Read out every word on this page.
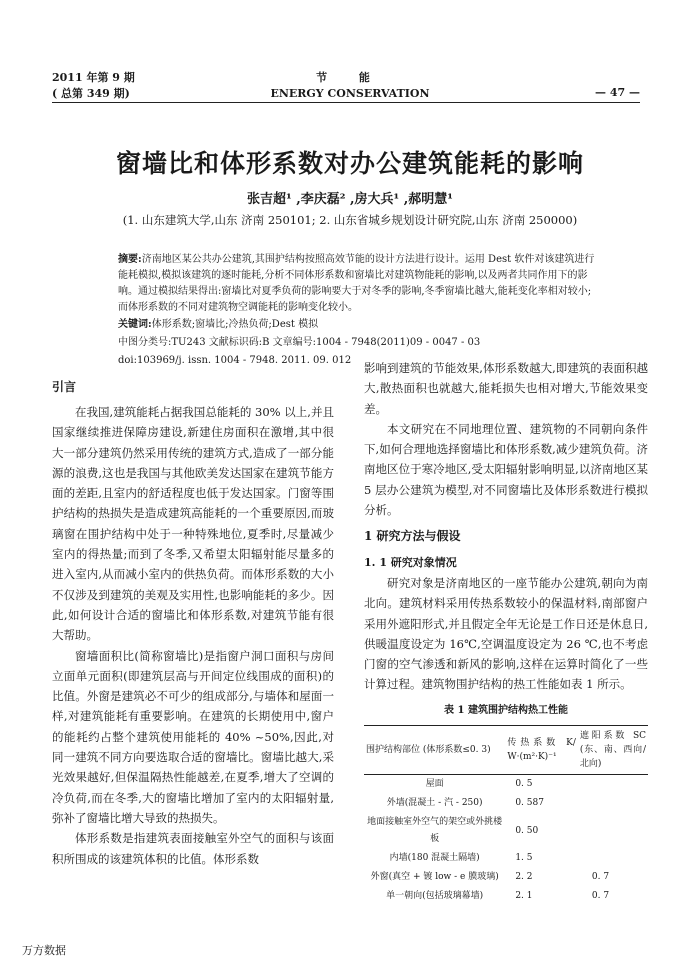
2011 年第 9 期
( 总第 349 期)
节 能
ENERGY CONSERVATION	— 47 —
窗墙比和体形系数对办公建筑能耗的影响
张吉超¹ ,李庆磊² ,房大兵¹ ,郝明慧¹
(1. 山东建筑大学,山东 济南 250101; 2. 山东省城乡规划设计研究院,山东 济南 250000)
摘要:济南地区某公共办公建筑,其围护结构按照高效节能的设计方法进行设计。运用 Dest 软件对该建筑进行能耗模拟,模拟该建筑的逐时能耗,分析不同体形系数和窗墙比对建筑物能耗的影响,以及两者共同作用下的影响。通过模拟结果得出:窗墙比对夏季负荷的影响要大于对冬季的影响,冬季窗墙比越大,能耗变化率相对较小;而体形系数的不同对建筑物空调能耗的影响变化较小。
关键词:体形系数;窗墙比;冷热负荷;Dest 模拟
中图分类号:TU243 文献标识码:B 文章编号:1004 - 7948(2011)09 - 0047 - 03
doi:103969/j. issn. 1004 - 7948. 2011. 09. 012
引言

在我国,建筑能耗占据我国总能耗的 30% 以上,并且国家继续推进保障房建设,新建住房面积在激增,其中很大一部分建筑仍然采用传统的建筑方式,造成了一部分能源的浪费,这也是我国与其他欧美发达国家在建筑节能方面的差距,且室内的舒适程度也低于发达国家。门窗等围护结构的热损失是造成建筑高能耗的一个重要原因,而玻璃窗在围护结构中处于一种特殊地位,夏季时,尽量减少室内的得热量;而到了冬季,又希望太阳辐射能尽量多的进入室内,从而减小室内的供热负荷。而体形系数的大小不仅涉及到建筑的美观及实用性,也影响能耗的多少。因此,如何设计合适的窗墙比和体形系数,对建筑节能有很大帮助。

窗墙面积比(简称窗墙比)是指窗户洞口面积与房间立面单元面积(即建筑层高与开间定位线围成的面积)的比值。外窗是建筑必不可少的组成部分,与墙体和屋面一样,对建筑能耗有重要影响。在建筑的长期使用中,窗户的能耗约占整个建筑使用能耗的 40% ~50%,因此,对同一建筑不同方向要选取合适的窗墙比。窗墙比越大,采光效果越好,但保温隔热性能越差,在夏季,增大了空调的冷负荷,而在冬季,大的窗墙比增加了室内的太阳辐射量,弥补了窗墙比增大导致的热损失。

体形系数是指建筑表面接触室外空气的面积与该面积所围成的该建筑体积的比值。体形系数

影响到建筑的节能效果,体形系数越大,即建筑的表面积越大,散热面积也就越大,能耗损失也相对增大,节能效果变差。

本文研究在不同地理位置、建筑物的不同朝向条件下,如何合理地选择窗墙比和体形系数,减少建筑负荷。济南地区位于寒冷地区,受太阳辐射影响明显,以济南地区某 5 层办公建筑为模型,对不同窗墙比及体形系数进行模拟分析。

1 研究方法与假设

1. 1 研究对象情况

研究对象是济南地区的一座节能办公建筑,朝向为南北向。建筑材料采用传热系数较小的保温材料,南部窗户采用外遮阳形式,并且假定全年无论是工作日还是休息日,供暖温度设定为 16℃,空调温度设定为 26 ℃,也不考虑门窗的空气渗透和新风的影响,这样在运算时简化了一些计算过程。建筑物围护结构的热工性能如表 1 所示。

表 1 建筑围护结构热工性能
围护结构部位 (体形系数≤0. 3)	传热系数 K/ W·(m²·K)⁻¹	遮阳系数 SC (东、南、西向/北向)
屋面	0. 5	
外墙(混凝土 - 汽 - 250)	0. 587	
地面接触室外空气的架空或外挑楼板	0. 50	
内墙(180 混凝土隔墙)	1. 5	
外窗(真空 + 镀 low - e 膜玻璃)	2. 2	0. 7
单一朝向(包括玻璃幕墙)	2. 1	0. 7
万方数据
